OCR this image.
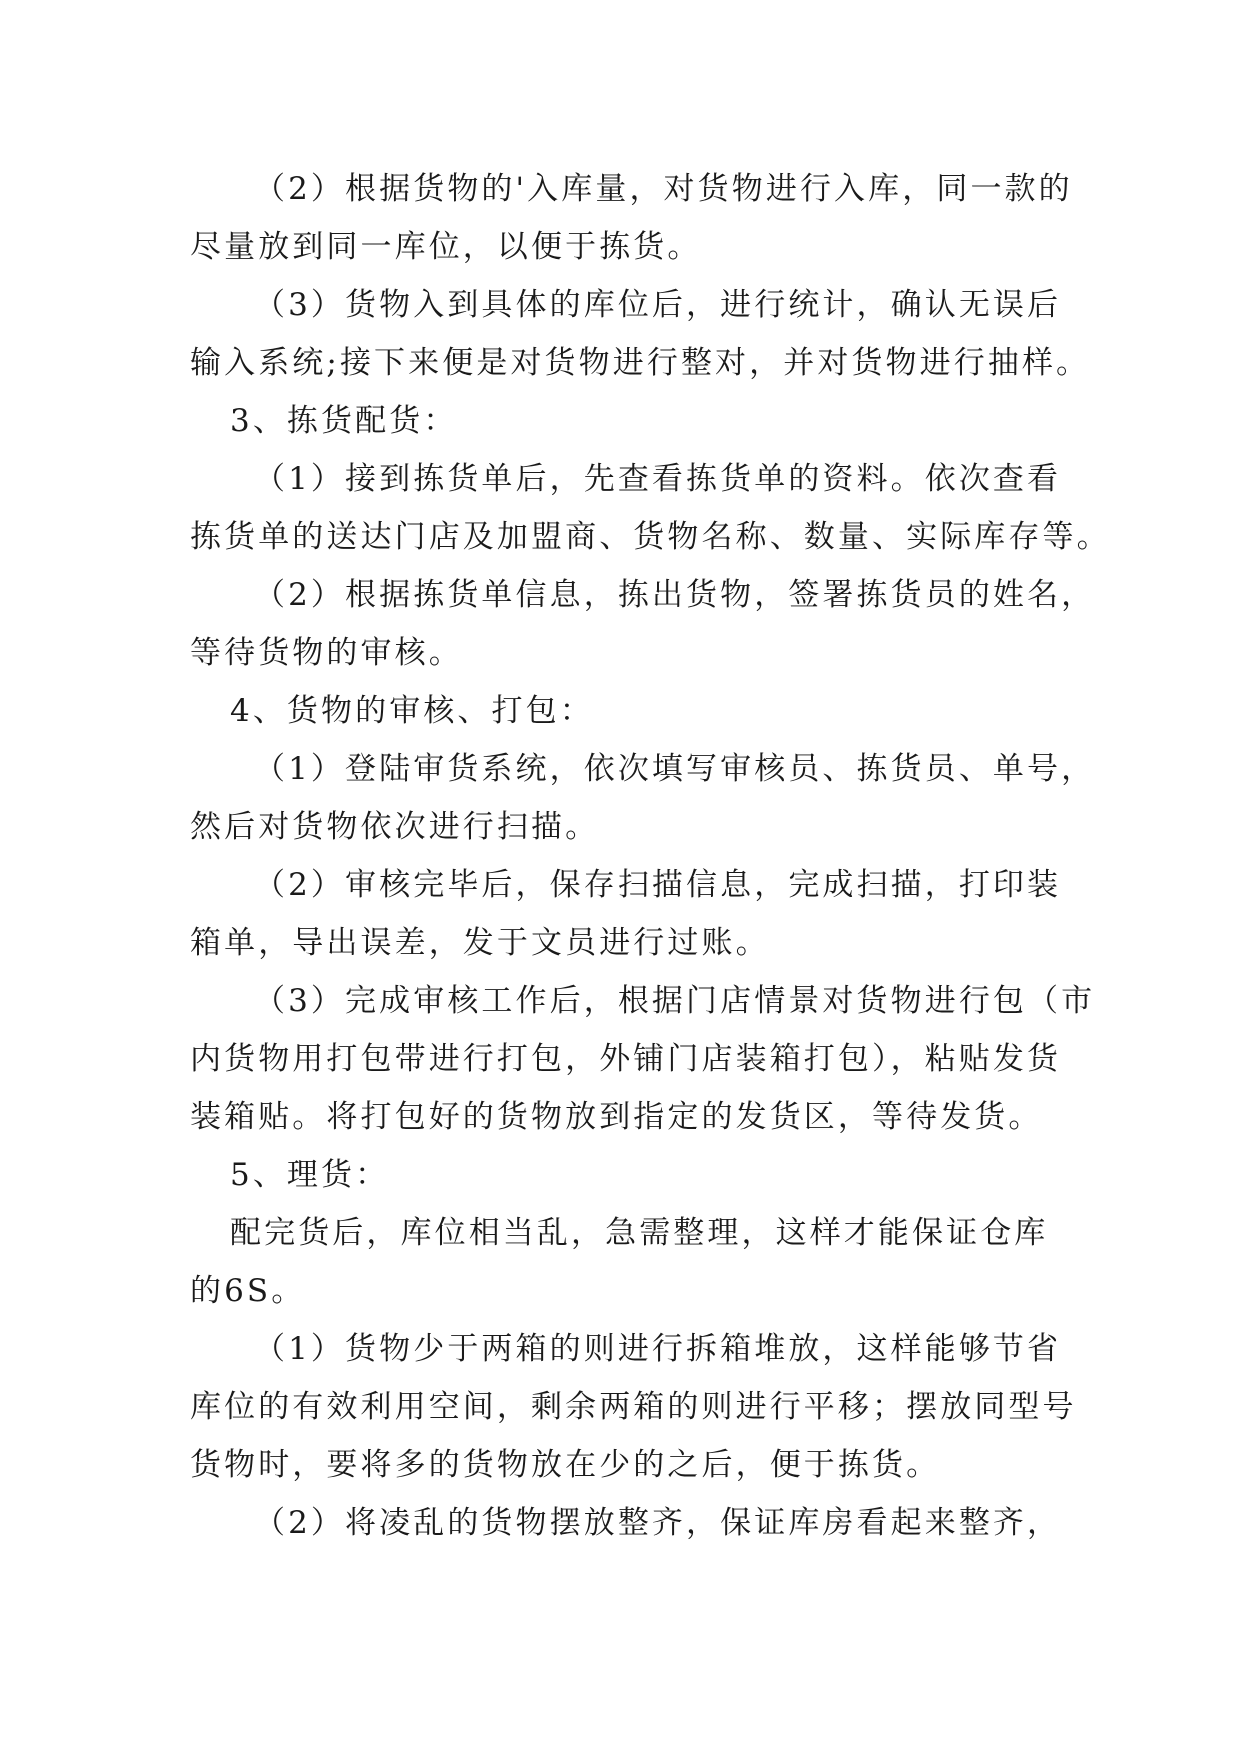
（2）根据货物的'入库量，对货物进行入库，同一款的
尽量放到同一库位，以便于拣货。
（3）货物入到具体的库位后，进行统计，确认无误后
输入系统;接下来便是对货物进行整对，并对货物进行抽样。
3、拣货配货：
（1）接到拣货单后，先查看拣货单的资料。依次查看
拣货单的送达门店及加盟商、货物名称、数量、实际库存等。
（2）根据拣货单信息，拣出货物，签署拣货员的姓名，
等待货物的审核。
4、货物的审核、打包：
（1）登陆审货系统，依次填写审核员、拣货员、单号，
然后对货物依次进行扫描。
（2）审核完毕后，保存扫描信息，完成扫描，打印装
箱单，导出误差，发于文员进行过账。
（3）完成审核工作后，根据门店情景对货物进行包（市
内货物用打包带进行打包，外铺门店装箱打包），粘贴发货
装箱贴。将打包好的货物放到指定的发货区，等待发货。
5、理货：
配完货后，库位相当乱，急需整理，这样才能保证仓库
的6S。
（1）货物少于两箱的则进行拆箱堆放，这样能够节省
库位的有效利用空间，剩余两箱的则进行平移；摆放同型号
货物时，要将多的货物放在少的之后，便于拣货。
（2）将凌乱的货物摆放整齐，保证库房看起来整齐，
